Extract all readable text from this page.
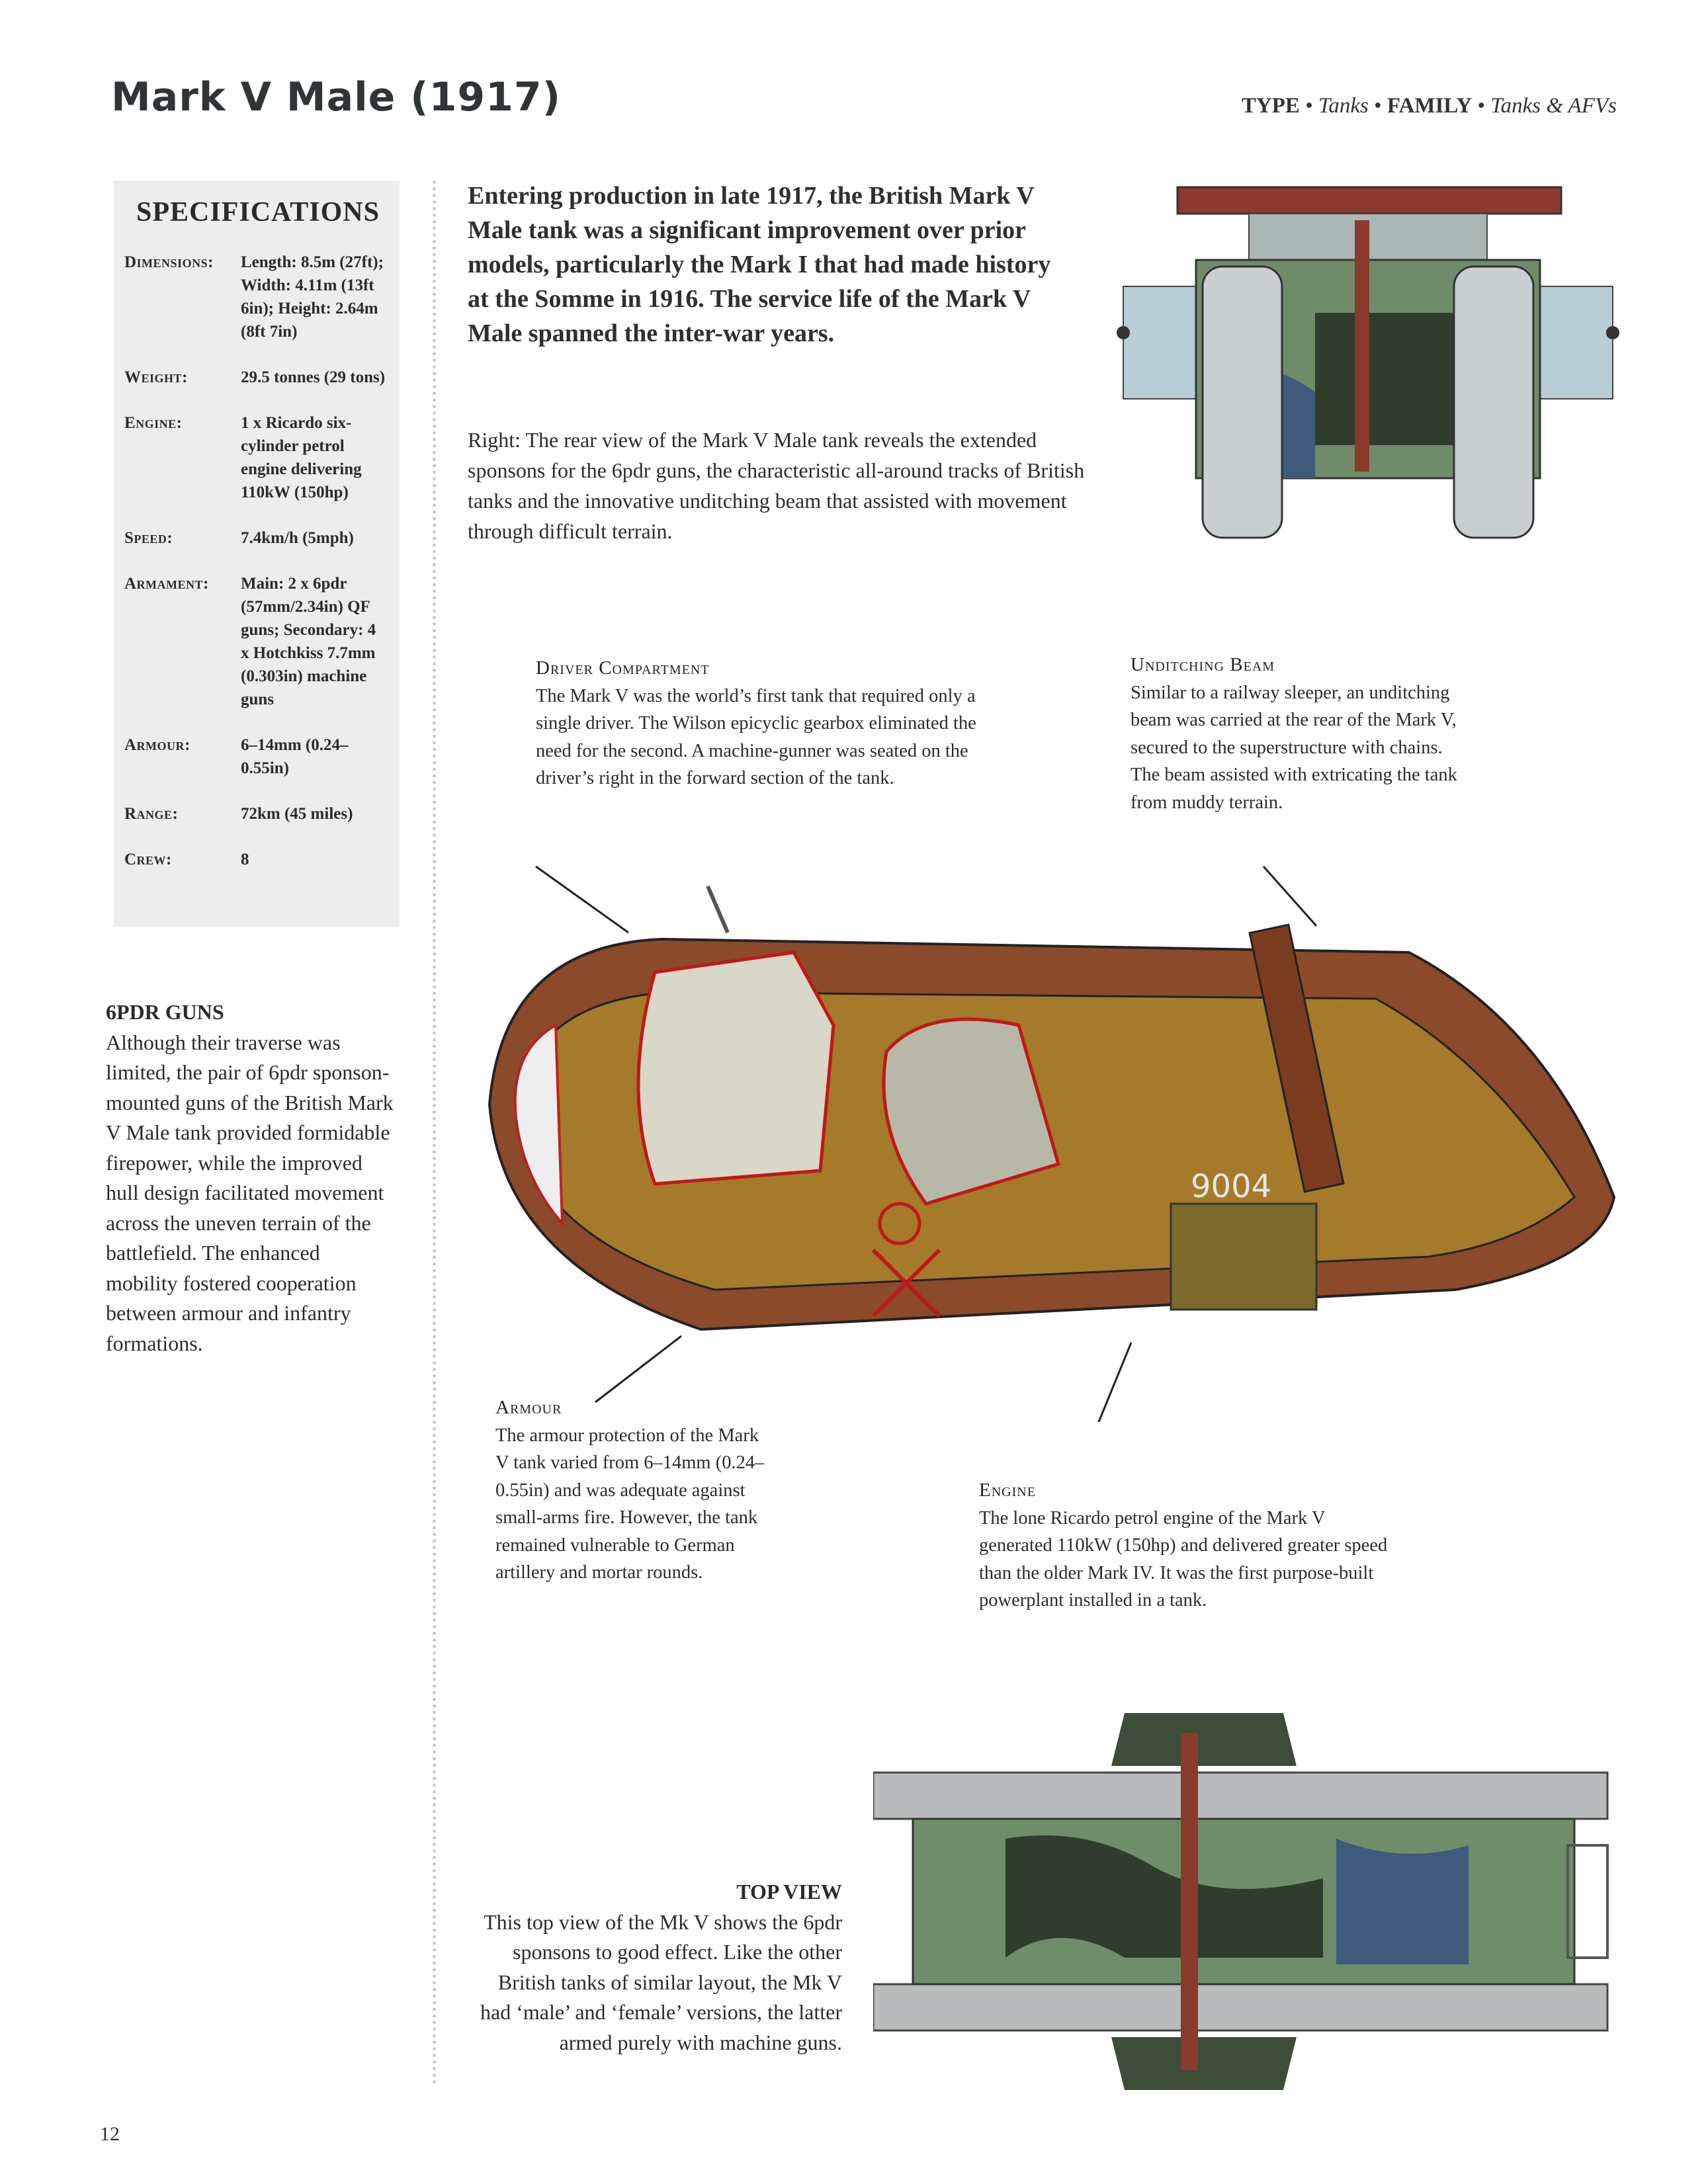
Mark V Male (1917)	TYPE • Tanks • FAMILY • Tanks & AFVs
SPECIFICATIONS
Dimensions:	Length: 8.5m (27ft); Width: 4.11m (13ft 6in); Height: 2.64m (8ft 7in)
Weight:	29.5 tonnes (29 tons)
Engine:	1 x Ricardo six-cylinder petrol engine delivering 110kW (150hp)
Speed:	7.4km/h (5mph)
Armament:	Main: 2 x 6pdr (57mm/2.34in) QF guns; Secondary: 4 x Hotchkiss 7.7mm (0.303in) machine guns
Armour:	6–14mm (0.24–0.55in)
Range:	72km (45 miles)
Crew:	8
Entering production in late 1917, the British Mark V Male tank was a significant improvement over prior models, particularly the Mark I that had made history at the Somme in 1916. The service life of the Mark V Male spanned the inter-war years.
Right: The rear view of the Mark V Male tank reveals the extended sponsons for the 6pdr guns, the characteristic all-around tracks of British tanks and the innovative unditching beam that assisted with movement through difficult terrain.
6PDR GUNS

Although their traverse was limited, the pair of 6pdr sponson-mounted guns of the British Mark V Male tank provided formidable firepower, while the improved hull design facilitated movement across the uneven terrain of the battlefield. The enhanced mobility fostered cooperation between armour and infantry formations.

Driver Compartment

The Mark V was the world’s first tank that required only a single driver. The Wilson epicyclic gearbox eliminated the need for the second. A machine-gunner was seated on the driver’s right in the forward section of the tank.

Unditching Beam

Similar to a railway sleeper, an unditching beam was carried at the rear of the Mark V, secured to the superstructure with chains. The beam assisted with extricating the tank from muddy terrain.

9004
Armour

The armour protection of the Mark V tank varied from 6–14mm (0.24–0.55in) and was adequate against small-arms fire. However, the tank remained vulnerable to German artillery and mortar rounds.

Engine

The lone Ricardo petrol engine of the Mark V generated 110kW (150hp) and delivered greater speed than the older Mark IV. It was the first purpose-built powerplant installed in a tank.

TOP VIEW

This top view of the Mk V shows the 6pdr sponsons to good effect. Like the other British tanks of similar layout, the Mk V had ‘male’ and ‘female’ versions, the latter armed purely with machine guns.

12
